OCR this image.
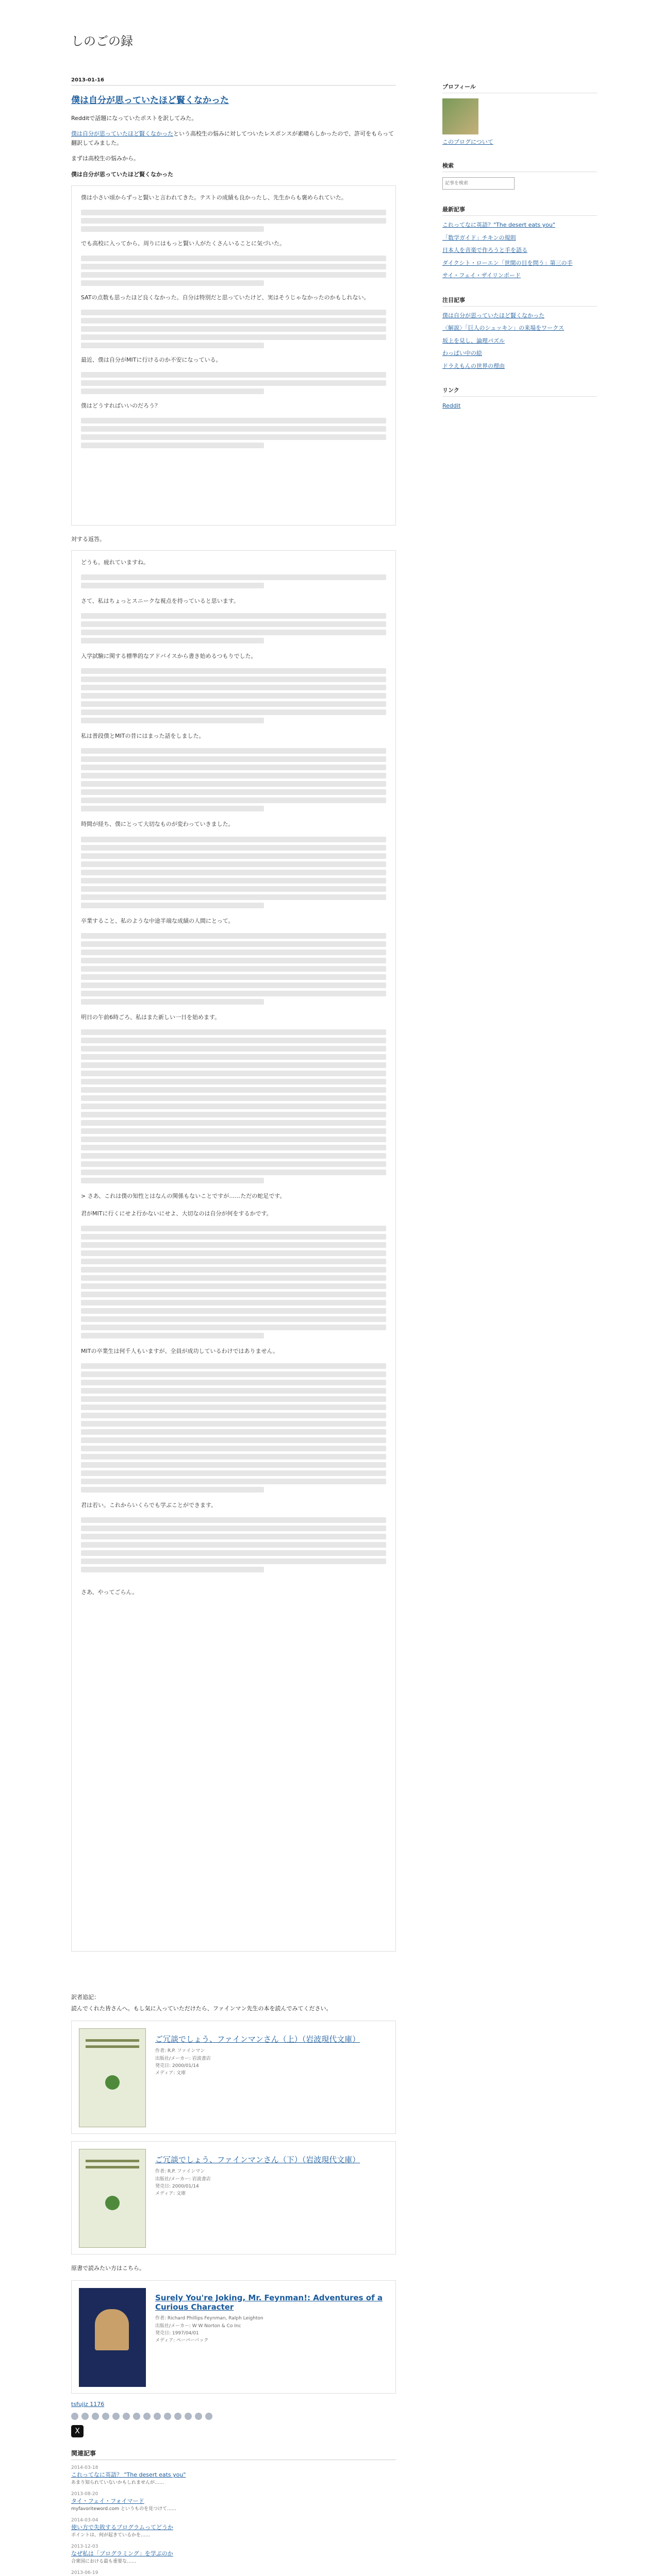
しのごの録
2013-01-16
僕は自分が思っていたほど賢くなかった

Redditで話題になっていたポストを訳してみた。

僕は自分が思っていたほど賢くなかったという高校生の悩みに対してついたレスポンスが素晴らしかったので、許可をもらって翻訳してみました。

まずは高校生の悩みから。

僕は自分が思っていたほど賢くなかった

僕は小さい頃からずっと賢いと言われてきた。テストの成績も良かったし、先生からも褒められていた。

でも高校に入ってから、周りにはもっと賢い人がたくさんいることに気づいた。

SATの点数も思ったほど良くなかった。自分は特別だと思っていたけど、実はそうじゃなかったのかもしれない。

最近、僕は自分がMITに行けるのか不安になっている。

僕はどうすればいいのだろう？

対する返答。

どうも。疲れていますね。

さて、私はちょっとスニークな視点を持っていると思います。

入学試験に関する標準的なアドバイスから書き始めるつもりでした。

私は普段僕とMITの昔にはまった話をしました。

時間が経ち、僕にとって大切なものが変わっていきました。

卒業すること、私のような中途半端な成績の人間にとって。

明日の午前6時ごろ、私はまた新しい一日を始めます。

> さあ、これは僕の知性とはなんの関係もないことですが……ただの蛇足です。

君がMITに行くにせよ行かないにせよ、大切なのは自分が何をするかです。

MITの卒業生は何千人もいますが、全員が成功しているわけではありません。

君は若い。これからいくらでも学ぶことができます。

さあ、やってごらん。

訳者追記：

読んでくれた皆さんへ。もし気に入っていただけたら、ファインマン先生の本を読んでみてください。

ご冗談でしょう、ファインマンさん（上）（岩波現代文庫）
作者: R.P. ファインマン
出版社/メーカー: 岩波書店
発売日: 2000/01/14
メディア: 文庫
ご冗談でしょう、ファインマンさん（下）（岩波現代文庫）
作者: R.P. ファインマン
出版社/メーカー: 岩波書店
発売日: 2000/01/14
メディア: 文庫

原書で読みたい方はこちら。

Surely You're Joking, Mr. Feynman!: Adventures of a Curious Character
作者: Richard Phillips Feynman, Ralph Leighton
出版社/メーカー: W W Norton & Co Inc
発売日: 1997/04/01
メディア: ペーパーバック
tsfujiz 1176
X
関連記事
2014-03-18
これってなに英語？ "The desert eats you"
あまり知られていないかもしれませんが……
2013-08-20
タイ・フェイ・フォイマード
myfavoriteword.com というものを見つけて……
2014-03-04
使い方で失敗するプログラムってどうか
ポイントは、何が起きているかを……
2013-12-03
なぜ私は「プログラミング」を学ぶのか
合衆国における最も重要な……
2013-06-19
プロフィール
このブログについて
検索
記事を検索
最新記事
これってなに英語？"The desert eats you"
「数学ガイド」チキンの規則
日本人を音楽で作ろうと手を語る
ダイクシト・ローエン「世間の目を問う」第三の手
サイ・フェイ・ザイリンポード
注目記事
僕は自分が思っていたほど賢くなかった
〈解説〉「巨人のシュッキン」の来場をワークス
坂上を見し、論理パズル
わっぱい中の絵
ドラえもんの世界の理由
リンク
Reddit
